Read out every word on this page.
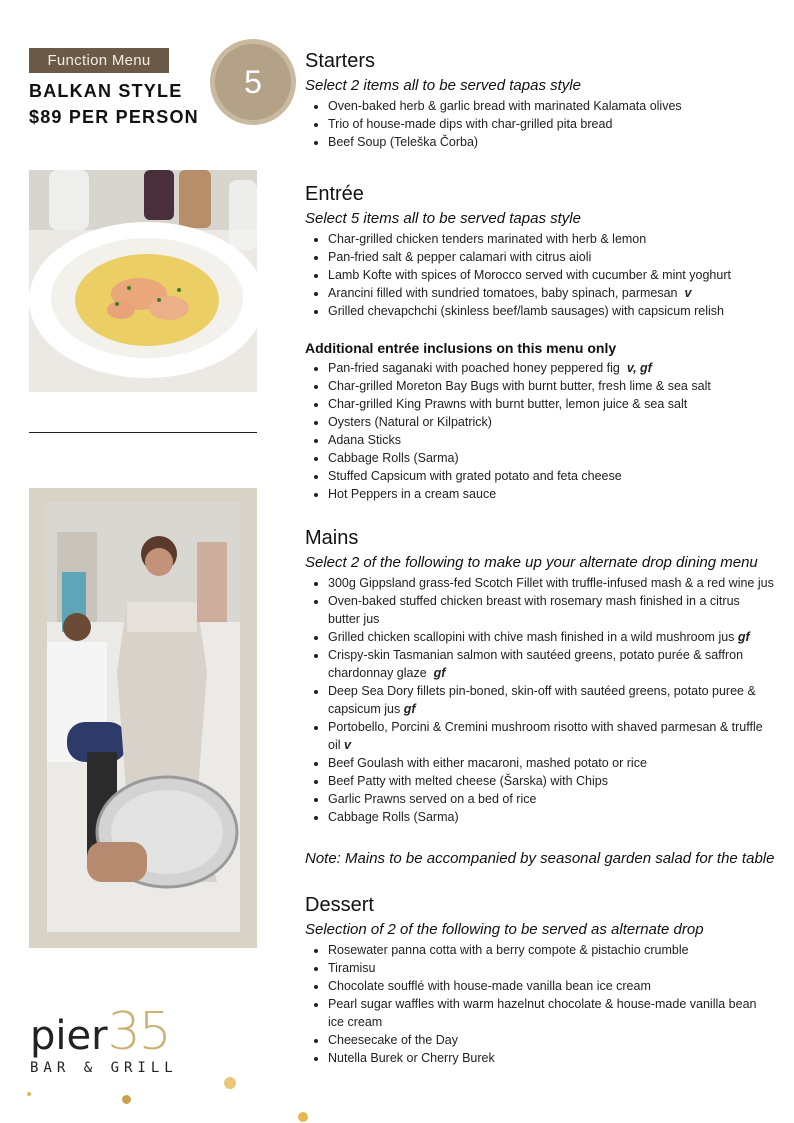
Function Menu
BALKAN STYLE
$89 PER PERSON
5
pier35
BAR & GRILL
Starters
Select 2 items all to be served tapas style
• Oven-baked herb & garlic bread with marinated Kalamata olives
• Trio of house-made dips with char-grilled pita bread
• Beef Soup (Teleška Čorba)
Entrée
Select 5 items all to be served tapas style
• Char-grilled chicken tenders marinated with herb & lemon
• Pan-fried salt & pepper calamari with citrus aioli
• Lamb Kofte with spices of Morocco served with cucumber & mint yoghurt
• Arancini filled with sundried tomatoes, baby spinach, parmesan v
• Grilled chevapchchi (skinless beef/lamb sausages) with capsicum relish
Additional entrée inclusions on this menu only
• Pan-fried saganaki with poached honey peppered fig v, gf
• Char-grilled Moreton Bay Bugs with burnt butter, fresh lime & sea salt
• Char-grilled King Prawns with burnt butter, lemon juice & sea salt
• Oysters (Natural or Kilpatrick)
• Adana Sticks
• Cabbage Rolls (Sarma)
• Stuffed Capsicum with grated potato and feta cheese
• Hot Peppers in a cream sauce
Mains
Select 2 of the following to make up your alternate drop dining menu
• 300g Gippsland grass-fed Scotch Fillet with truffle-infused mash & a red wine jus
• Oven-baked stuffed chicken breast with rosemary mash finished in a citrus butter jus
• Grilled chicken scallopini with chive mash finished in a wild mushroom jus gf
• Crispy-skin Tasmanian salmon with sautéed greens, potato purée & saffron chardonnay glaze gf
• Deep Sea Dory fillets pin-boned, skin-off with sautéed greens, potato puree & capsicum jus gf
• Portobello, Porcini & Cremini mushroom risotto with shaved parmesan & truffle oil v
• Beef Goulash with either macaroni, mashed potato or rice
• Beef Patty with melted cheese (Šarska) with Chips
• Garlic Prawns served on a bed of rice
• Cabbage Rolls (Sarma)
Note: Mains to be accompanied by seasonal garden salad for the table
Dessert
Selection of 2 of the following to be served as alternate drop
• Rosewater panna cotta with a berry compote & pistachio crumble
• Tiramisu
• Chocolate soufflé with house-made vanilla bean ice cream
• Pearl sugar waffles with warm hazelnut chocolate & house-made vanilla bean ice cream
• Cheesecake of the Day
• Nutella Burek or Cherry Burek
